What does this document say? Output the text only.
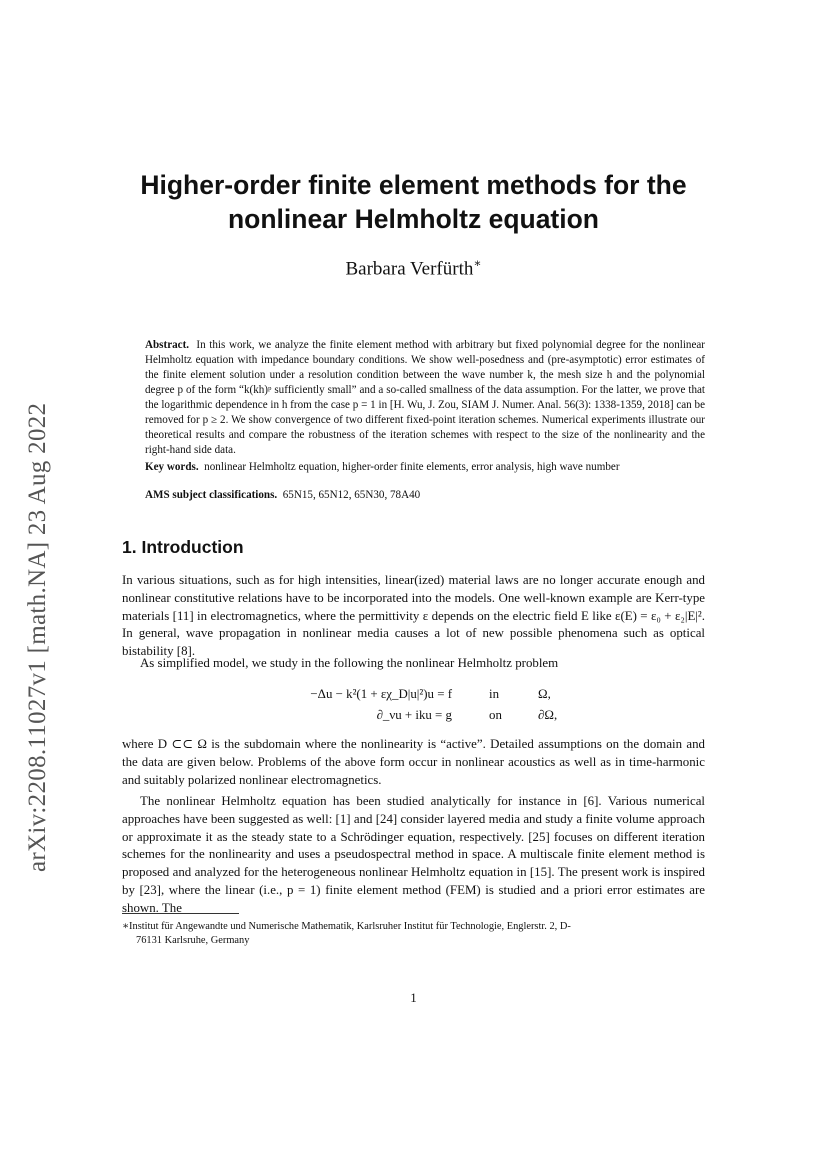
arXiv:2208.11027v1 [math.NA] 23 Aug 2022
Higher-order finite element methods for the
nonlinear Helmholtz equation
Barbara Verfürth∗

Abstract. In this work, we analyze the finite element method with arbitrary but fixed polynomial degree for the nonlinear Helmholtz equation with impedance boundary conditions. We show well-posedness and (pre-asymptotic) error estimates of the finite element solution under a resolution condition between the wave number k, the mesh size h and the polynomial degree p of the form “k(kh)ᵖ sufficiently small” and a so-called smallness of the data assumption. For the latter, we prove that the logarithmic dependence in h from the case p = 1 in [H. Wu, J. Zou, SIAM J. Numer. Anal. 56(3): 1338-1359, 2018] can be removed for p ≥ 2. We show convergence of two different fixed-point iteration schemes. Numerical experiments illustrate our theoretical results and compare the robustness of the iteration schemes with respect to the size of the nonlinearity and the right-hand side data.

Key words. nonlinear Helmholtz equation, higher-order finite elements, error analysis, high wave number
AMS subject classifications. 65N15, 65N12, 65N30, 78A40
1. Introduction

In various situations, such as for high intensities, linear(ized) material laws are no longer accurate enough and nonlinear constitutive relations have to be incorporated into the models. One well-known example are Kerr-type materials [11] in electromagnetics, where the permittivity ε depends on the electric field E like ε(E) = ε₀ + ε₂|E|². In general, wave propagation in nonlinear media causes a lot of new possible phenomena such as optical bistability [8].

As simplified model, we study in the following the nonlinear Helmholtz problem

−Δu − k²(1 + εχ_D|u|²)u = f	in	Ω,
∂_νu + iku = g	on	∂Ω,

where D ⊂⊂ Ω is the subdomain where the nonlinearity is “active”. Detailed assumptions on the domain and the data are given below. Problems of the above form occur in nonlinear acoustics as well as in time-harmonic and suitably polarized nonlinear electromagnetics.

The nonlinear Helmholtz equation has been studied analytically for instance in [6]. Various numerical approaches have been suggested as well: [1] and [24] consider layered media and study a finite volume approach or approximate it as the steady state to a Schrödinger equation, respectively. [25] focuses on different iteration schemes for the nonlinearity and uses a pseudospectral method in space. A multiscale finite element method is proposed and analyzed for the heterogeneous nonlinear Helmholtz equation in [15]. The present work is inspired by [23], where the linear (i.e., p = 1) finite element method (FEM) is studied and a priori error estimates are shown. The

∗Institut für Angewandte und Numerische Mathematik, Karlsruher Institut für Technologie, Englerstr. 2, D-
76131 Karlsruhe, Germany
1
